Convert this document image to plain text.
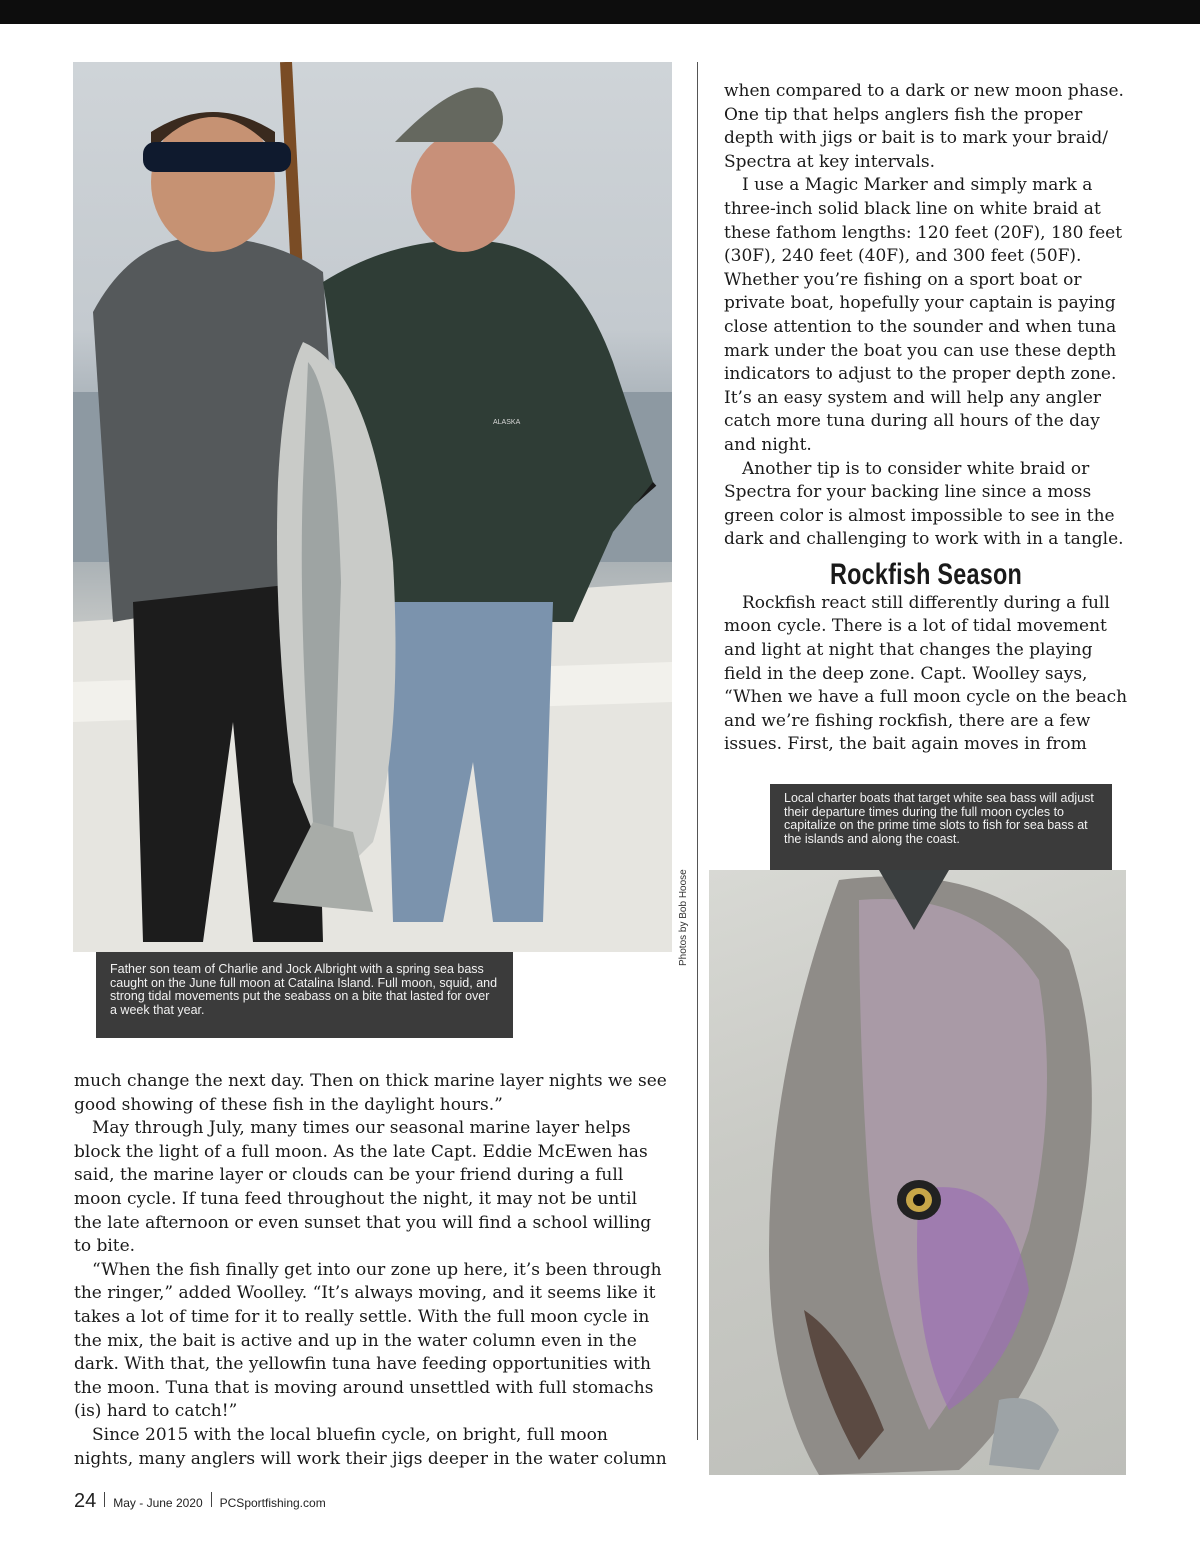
ALASKA
Father son team of Charlie and Jock Albright with a spring sea bass caught on the June full moon at Catalina Island. Full moon, squid, and strong tidal movements put the seabass on a bite that lasted for over a week that year.
Photos by Bob Hoose

when compared to a dark or new moon phase. One tip that helps anglers fish the proper depth with jigs or bait is to mark your braid/ Spectra at key intervals.

I use a Magic Marker and simply mark a three-inch solid black line on white braid at these fathom lengths: 120 feet (20F), 180 feet (30F), 240 feet (40F), and 300 feet (50F). Whether you’re fishing on a sport boat or private boat, hopefully your captain is paying close attention to the sounder and when tuna mark under the boat you can use these depth indicators to adjust to the proper depth zone. It’s an easy system and will help any angler catch more tuna during all hours of the day and night.

Another tip is to consider white braid or Spectra for your backing line since a moss green color is almost impossible to see in the dark and challenging to work with in a tangle.

Rockfish Season

Rockfish react still differently during a full moon cycle. There is a lot of tidal movement and light at night that changes the playing field in the deep zone. Capt. Woolley says, “When we have a full moon cycle on the beach and we’re fishing rockfish, there are a few issues. First, the bait again moves in from

Local charter boats that target white sea bass will adjust their departure times during the full moon cycles to capitalize on the prime time slots to fish for sea bass at the islands and along the coast.

much change the next day. Then on thick marine layer nights we see good showing of these fish in the daylight hours.”

May through July, many times our seasonal marine layer helps block the light of a full moon. As the late Capt. Eddie McEwen has said, the marine layer or clouds can be your friend during a full moon cycle. If tuna feed throughout the night, it may not be until the late afternoon or even sunset that you will find a school willing to bite.

“When the fish finally get into our zone up here, it’s been through the ringer,” added Woolley. “It’s always moving, and it seems like it takes a lot of time for it to really settle. With the full moon cycle in the mix, the bait is active and up in the water column even in the dark. With that, the yellowfin tuna have feeding opportunities with the moon. Tuna that is moving around unsettled with full stomachs (is) hard to catch!”

Since 2015 with the local bluefin cycle, on bright, full moon nights, many anglers will work their jigs deeper in the water column

24 May - June 2020 PCSportfishing.com
